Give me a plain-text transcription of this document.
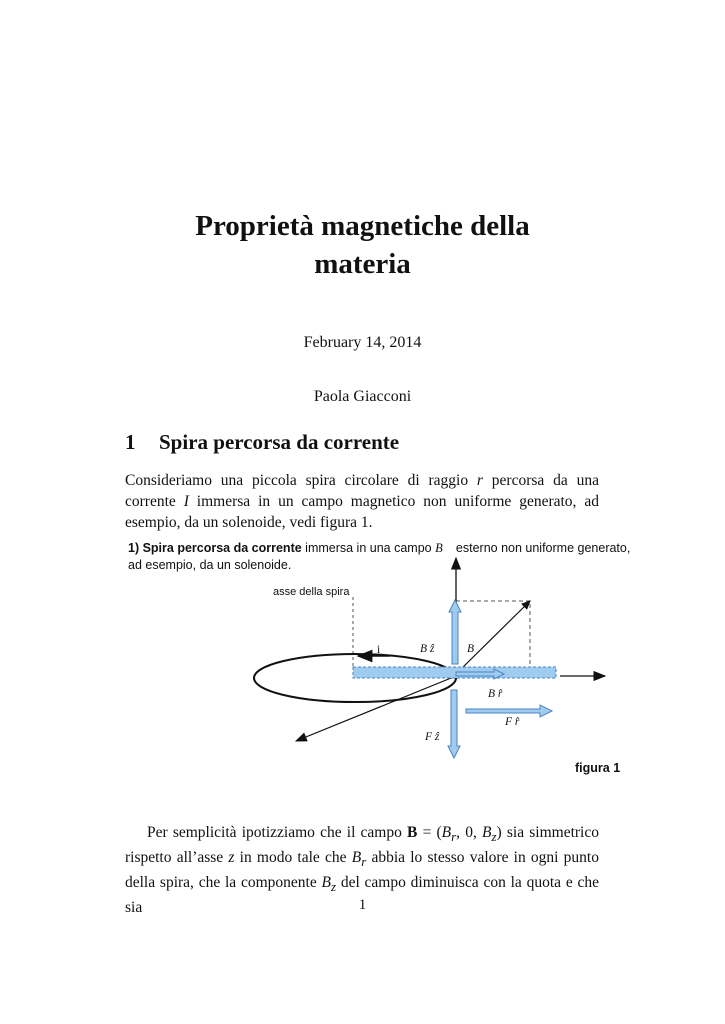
Proprietà magnetiche della
materia
February 14, 2014
Paola Giacconi
1 Spira percorsa da corrente
Consideriamo una piccola spira circolare di raggio r percorsa da una corrente I immersa in un campo magnetico non uniforme generato, ad esempio, da un solenoide, vedi figura 1.
1) Spira percorsa da corrente immersa in una campo B⃗ esterno non uniforme generato, ad esempio, da un solenoide.
asse della spira
i	B ẑ	B⃗
B r̂
F r̂
F ẑ
figura 1
Per semplicità ipotizziamo che il campo $B = (B_r$, 0, $B_z$) sia simmetrico rispetto all’asse z in modo tale che $B_r$ abbia lo stesso valore in ogni punto della spira, che la componente $B_z$ del campo diminuisca con la quota e che sia	1
